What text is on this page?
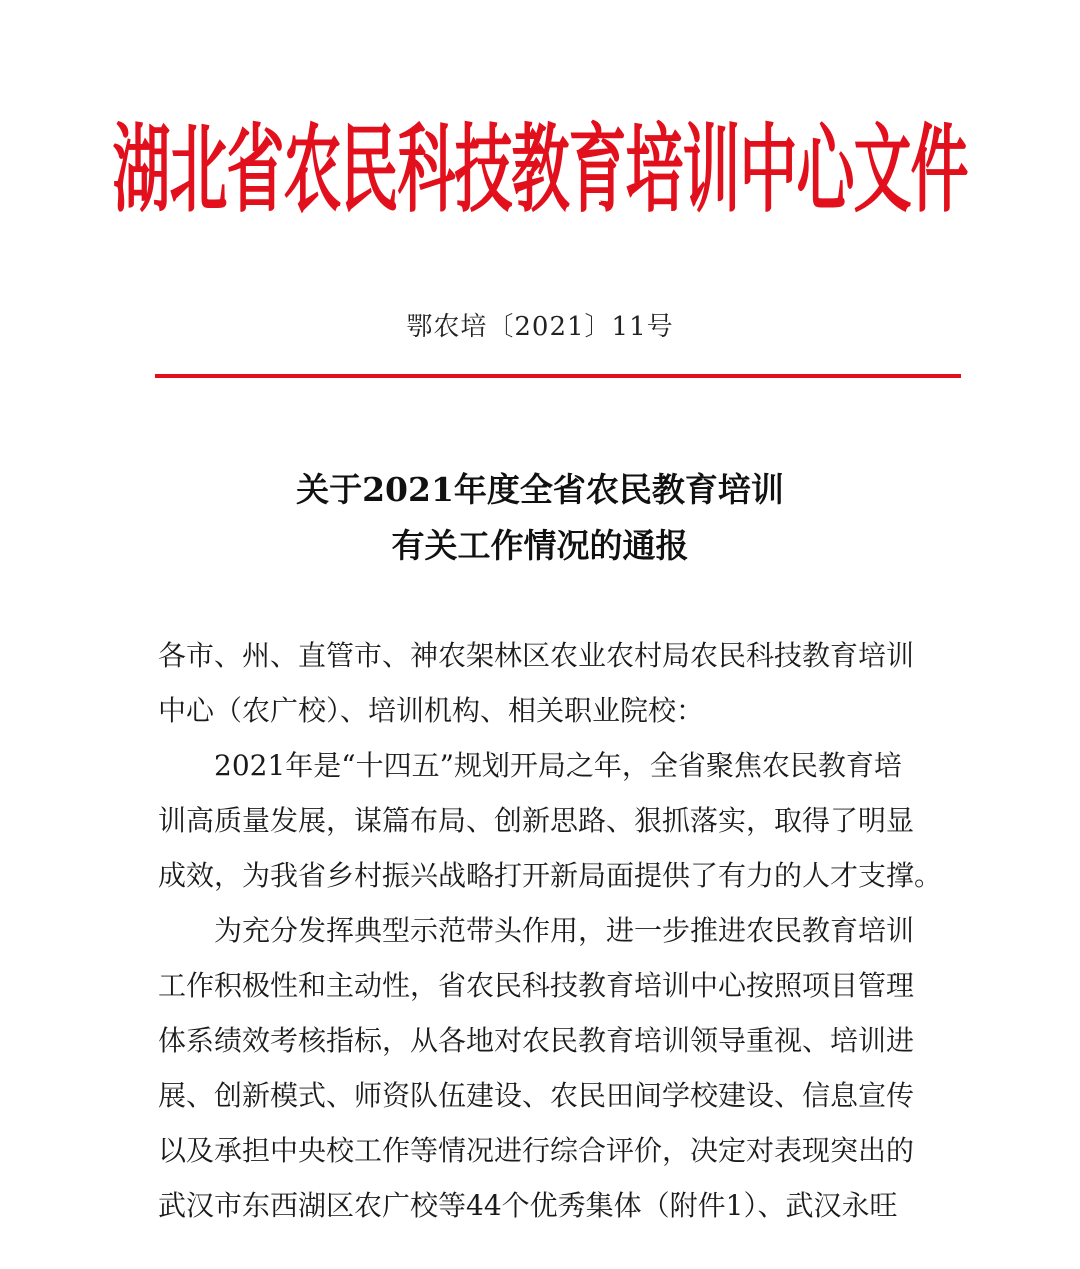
湖北省农民科技教育培训中心文件
鄂农培〔2021〕11号
关于2021年度全省农民教育培训
有关工作情况的通报
各市、州、直管市、神农架林区农业农村局农民科技教育培训
中心（农广校）、培训机构、相关职业院校：
2021年是“十四五”规划开局之年，全省聚焦农民教育培
训高质量发展，谋篇布局、创新思路、狠抓落实，取得了明显
成效，为我省乡村振兴战略打开新局面提供了有力的人才支撑。
为充分发挥典型示范带头作用，进一步推进农民教育培训
工作积极性和主动性，省农民科技教育培训中心按照项目管理
体系绩效考核指标，从各地对农民教育培训领导重视、培训进
展、创新模式、师资队伍建设、农民田间学校建设、信息宣传
以及承担中央校工作等情况进行综合评价，决定对表现突出的
武汉市东西湖区农广校等44个优秀集体（附件1）、武汉永旺
